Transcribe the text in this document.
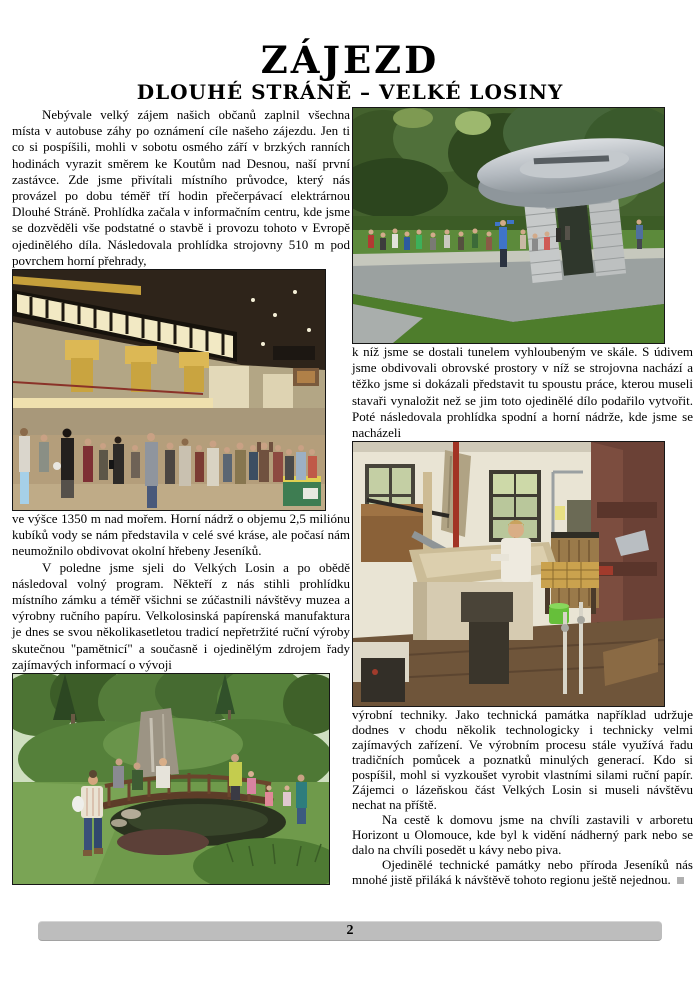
ZÁJEZD
DLOUHÉ STRÁNĚ – VELKÉ LOSINY

Nebývale velký zájem našich občanů zaplnil všechna místa v autobuse záhy po oznámení cíle našeho zájezdu. Jen ti co si pospíšili, mohli v sobotu osmého září v brzkých ranních hodinách vyrazit směrem ke Koutům nad Desnou, naší první zastávce. Zde jsme přivítali místního průvodce, který nás provázel po dobu téměř tří hodin přečerpávací elektrárnou Dlouhé Stráně. Prohlídka začala v informačním centru, kde jsme se dozvěděli vše podstatné o stavbě i provozu tohoto v Evropě ojedinělého díla. Následovala prohlídka strojovny 510 m pod povrchem horní přehrady,

ve výšce 1350 m nad mořem. Horní nádrž o objemu 2,5 miliónu kubíků vody se nám představila v celé své kráse, ale počasí nám neumožnilo obdivovat okolní hřebeny Jeseníků.

V poledne jsme sjeli do Velkých Losin a po obědě následoval volný program. Někteří z nás stihli prohlídku místního zámku a téměř všichni se zúčastnili návštěvy muzea a výrobny ručního papíru. Velkolosinská papírenská manufaktura je dnes se svou několikasetletou tradicí nepřetržité ruční výroby skutečnou "pamětnicí" a současně i ojedinělým zdrojem řady zajímavých informací o vývoji

k níž jsme se dostali tunelem vyhloubeným ve skále. S údivem jsme obdivovali obrovské prostory v níž se strojovna nachází a těžko jsme si dokázali představit tu spoustu práce, kterou museli stavaři vynaložit než se jim toto ojedinělé dílo podařilo vytvořit. Poté následovala prohlídka spodní a horní nádrže, kde jsme se nacházeli

výrobní techniky. Jako technická památka například udržuje dodnes v chodu několik technologicky i technicky velmi zajímavých zařízení. Ve výrobním procesu stále využívá řadu tradičních pomůcek a poznatků minulých generací. Kdo si pospíšil, mohl si vyzkoušet vyrobit vlastními silami ruční papír. Zájemci o lázeňskou část Velkých Losin si museli návštěvu nechat na příště.

Na cestě k domovu jsme na chvíli zastavili v arboretu Horizont u Olomouce, kde byl k vidění nádherný park nebo se dalo na chvíli posedět u kávy nebo piva.

Ojedinělé technické památky nebo příroda Jeseníků nás mnohé jistě přiláká k návštěvě tohoto regionu ještě nejednou.

2
